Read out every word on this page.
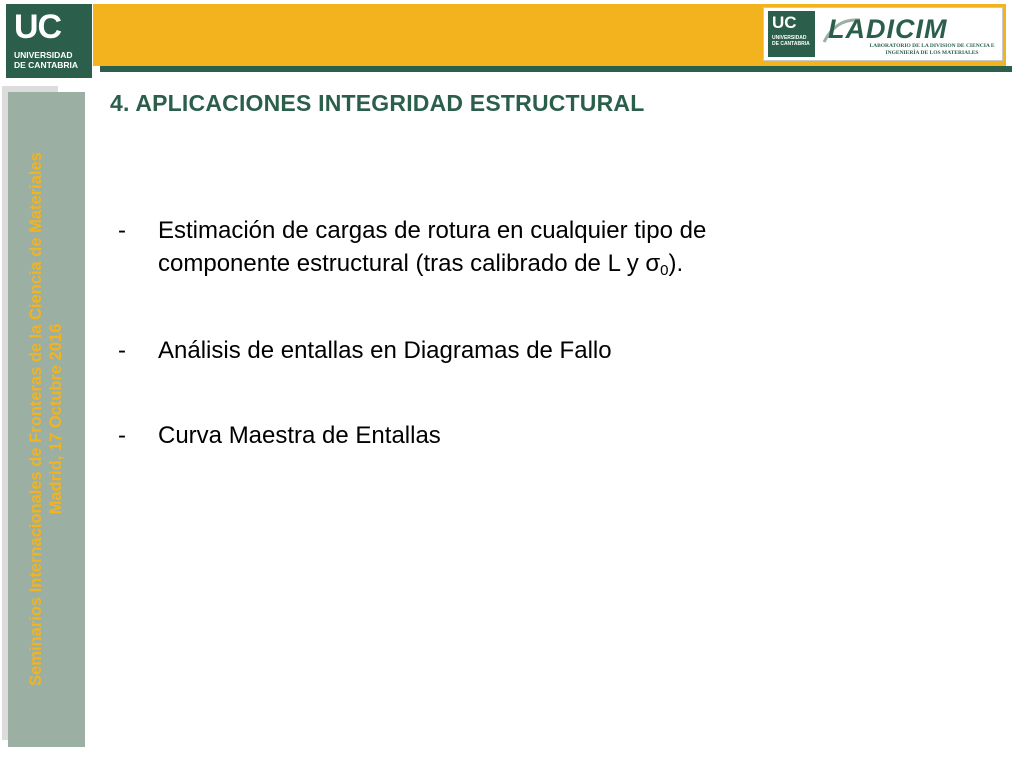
UC
UNIVERSIDAD
DE CANTABRIA
UC
UNIVERSIDAD
DE CANTABRIA LADICIM
LABORATORIO DE LA DIVISION DE CIENCIA E INGENIERÍA DE LOS MATERIALES
Seminarios Internacionales de Fronteras de la Ciencia de Materiales Madrid, 17 Octubre 2016
4. APLICACIONES INTEGRIDAD ESTRUCTURAL
-	Estimación de cargas de rotura en cualquier tipo de componente estructural (tras calibrado de L y $\sigma_0$).
-	Análisis de entallas en Diagramas de Fallo
-	Curva Maestra de Entallas
